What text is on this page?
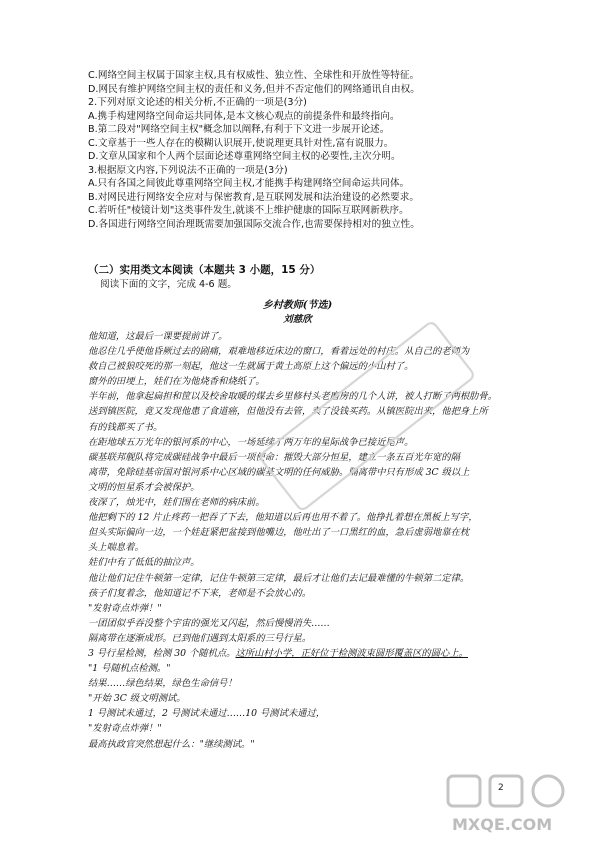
C.网络空间主权属于国家主权,具有权威性、独立性、全球性和开放性等特征。
D.网民有维护网络空间主权的责任和义务,但并不否定他们的网络通讯自由权。
2.下列对原文论述的相关分析,不正确的一项是(3分)
A.携手构建网络空间命运共同体,是本文核心观点的前提条件和最终指向。
B.第二段对"网络空间主权"概念加以阐释,有利于下文进一步展开论述。
C.文章基于一些人存在的模糊认识展开,使说理更具针对性,富有说服力。
D.文章从国家和个人两个层面论述尊重网络空间主权的必要性,主次分明。
3.根据原文内容,下列说法不正确的一项是(3分)
A.只有各国之间彼此尊重网络空间主权,才能携手构建网络空间命运共同体。
B.对网民进行网络安全应对与保密教育,是互联网发展和法治建设的必然要求。
C.若听任"棱镜计划"这类事件发生,就谈不上维护健康的国际互联网新秩序。
D.各国进行网络空间治理既需要加强国际交流合作,也需要保持相对的独立性。
（二）实用类文本阅读（本题共 3 小题，15 分）
阅读下面的文字，完成 4-6 题。
乡村教师(节选)
刘慈欣
他知道，这最后一课要提前讲了。
他忍住几乎使他昏厥过去的剧痛，艰难地移近床边的窗口，看着远处的村庄。从自己的老师为
救自己被狼咬死的那一刻起，他这一生就属于黄土高原上这个偏远的小山村了。
窗外的田埂上，娃们在为他烧香和烧纸了。
半年前，他拿起扁担和筐以及校舍取暖的煤去乡里修村头老磨房的几个人讲，被人打断了两根肋骨。
送到镇医院，竟又发现他患了食道癌，但他没有去管，卖了没钱买药。从镇医院出来，他把身上所
有的钱都买了书。
在距地球五万光年的银河系的中心，一场延续了两万年的星际战争已接近尾声。
碳基联邦舰队将完成碳硅战争中最后一项使命：摧毁大部分恒星，建立一条五百光年宽的隔
离带，免除硅基帝国对银河系中心区域的碳基文明的任何威胁。隔离带中只有形成 3C 级以上
文明的恒星系才会被保护。
夜深了，烛光中，娃们围在老师的病床前。
他把剩下的 12 片止疼药一把吞了下去，他知道以后再也用不着了。他挣扎着想在黑板上写字，
但头实际偏向一边，一个娃赶紧把盆接到他嘴边，他吐出了一口黑红的血，急后虚弱地靠在枕
头上喘息着。
娃们中有了低低的抽泣声。
他让他们记住牛顿第一定律，记住牛顿第三定律，最后才让他们去记最难懂的牛顿第二定律。
孩子们复着念，他知道记不下来，老师是不会放心的。
"发射奇点炸弹！"
一团团似乎吞没整个宇宙的强光又闪起，然后慢慢消失……
隔离带在逐渐成形。已到他们遇到太阳系的三号行星。
3 号行星检测，检测 30 个随机点。这所山村小学，正好位于检测波束圆形覆盖区的圆心上。
"1 号随机点检测。"
结果……绿色结果，绿色生命信号！
"开始 3C 级文明测试。
1 号测试未通过，2 号测试未通过……10 号测试未通过，
"发射奇点炸弹！"
最高执政官突然想起什么："继续测试。"
MXQE.COM
2
